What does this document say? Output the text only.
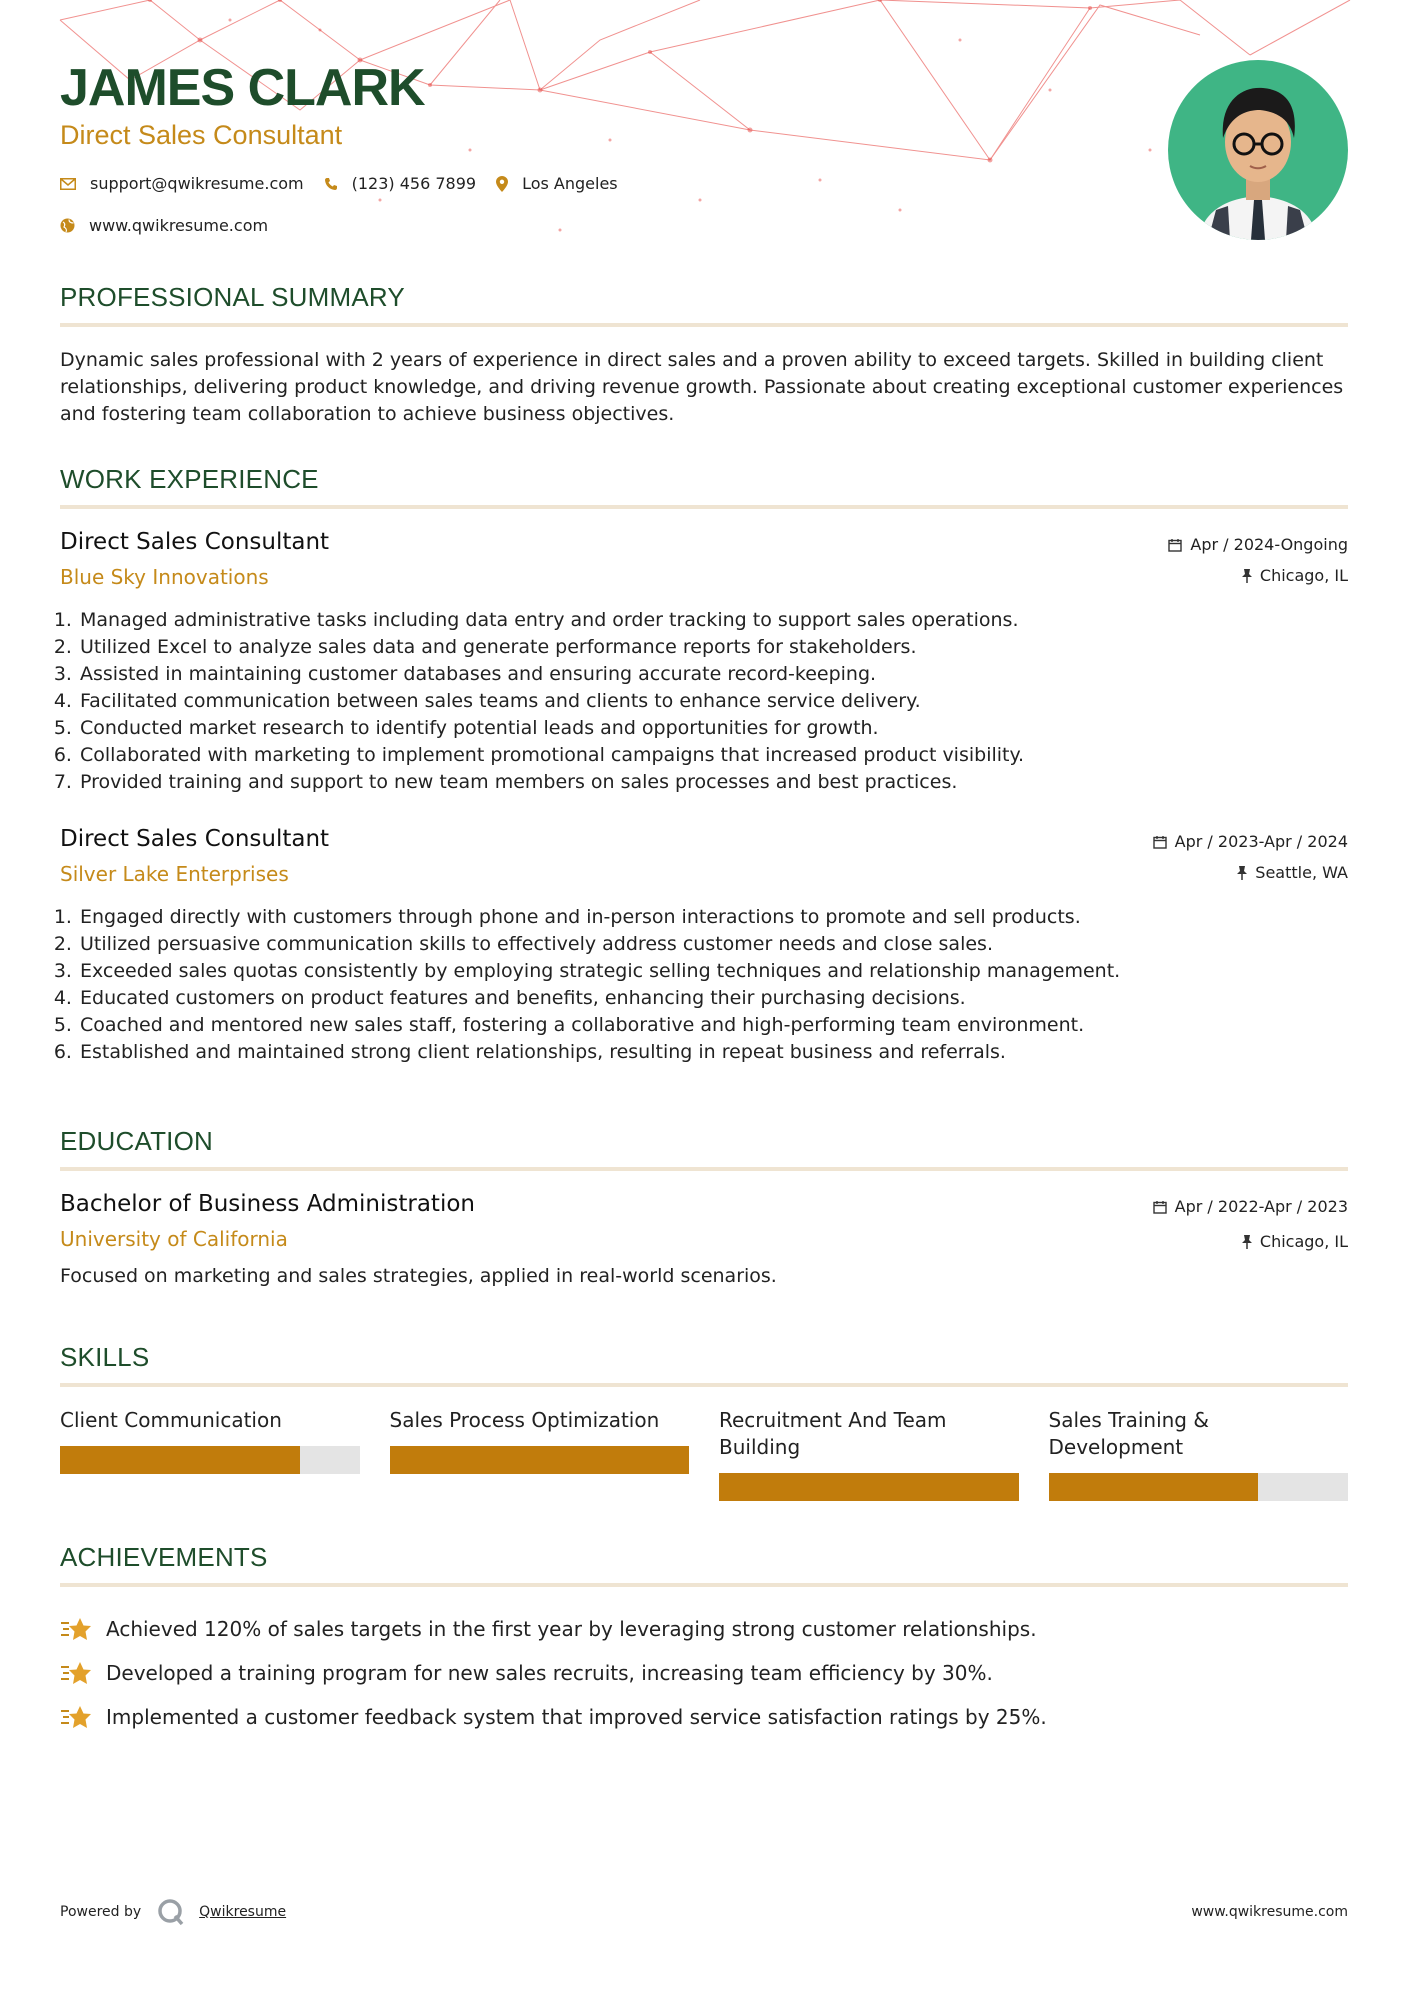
JAMES CLARK
Direct Sales Consultant
support@qwikresume.com	(123) 456 7899	Los Angeles
www.qwikresume.com
PROFESSIONAL SUMMARY

Dynamic sales professional with 2 years of experience in direct sales and a proven ability to exceed targets. Skilled in building client relationships, delivering product knowledge, and driving revenue growth. Passionate about creating exceptional customer experiences and fostering team collaboration to achieve business objectives.

WORK EXPERIENCE
Direct Sales Consultant
Blue Sky Innovations
Apr / 2024-Ongoing
Chicago, IL
1. Managed administrative tasks including data entry and order tracking to support sales operations.
2. Utilized Excel to analyze sales data and generate performance reports for stakeholders.
3. Assisted in maintaining customer databases and ensuring accurate record-keeping.
4. Facilitated communication between sales teams and clients to enhance service delivery.
5. Conducted market research to identify potential leads and opportunities for growth.
6. Collaborated with marketing to implement promotional campaigns that increased product visibility.
7. Provided training and support to new team members on sales processes and best practices.
Direct Sales Consultant
Silver Lake Enterprises
Apr / 2023-Apr / 2024
Seattle, WA
1. Engaged directly with customers through phone and in-person interactions to promote and sell products.
2. Utilized persuasive communication skills to effectively address customer needs and close sales.
3. Exceeded sales quotas consistently by employing strategic selling techniques and relationship management.
4. Educated customers on product features and benefits, enhancing their purchasing decisions.
5. Coached and mentored new sales staff, fostering a collaborative and high-performing team environment.
6. Established and maintained strong client relationships, resulting in repeat business and referrals.
EDUCATION
Bachelor of Business Administration
University of California
Apr / 2022-Apr / 2023
Chicago, IL

Focused on marketing and sales strategies, applied in real-world scenarios.

SKILLS
Client Communication	Sales Process Optimization	Recruitment And Team Building
Sales Training & Development
ACHIEVEMENTS
Achieved 120% of sales targets in the first year by leveraging strong customer relationships.
Developed a training program for new sales recruits, increasing team efficiency by 30%.
Implemented a customer feedback system that improved service satisfaction ratings by 25%.
Powered by	Qwikresume	www.qwikresume.com
